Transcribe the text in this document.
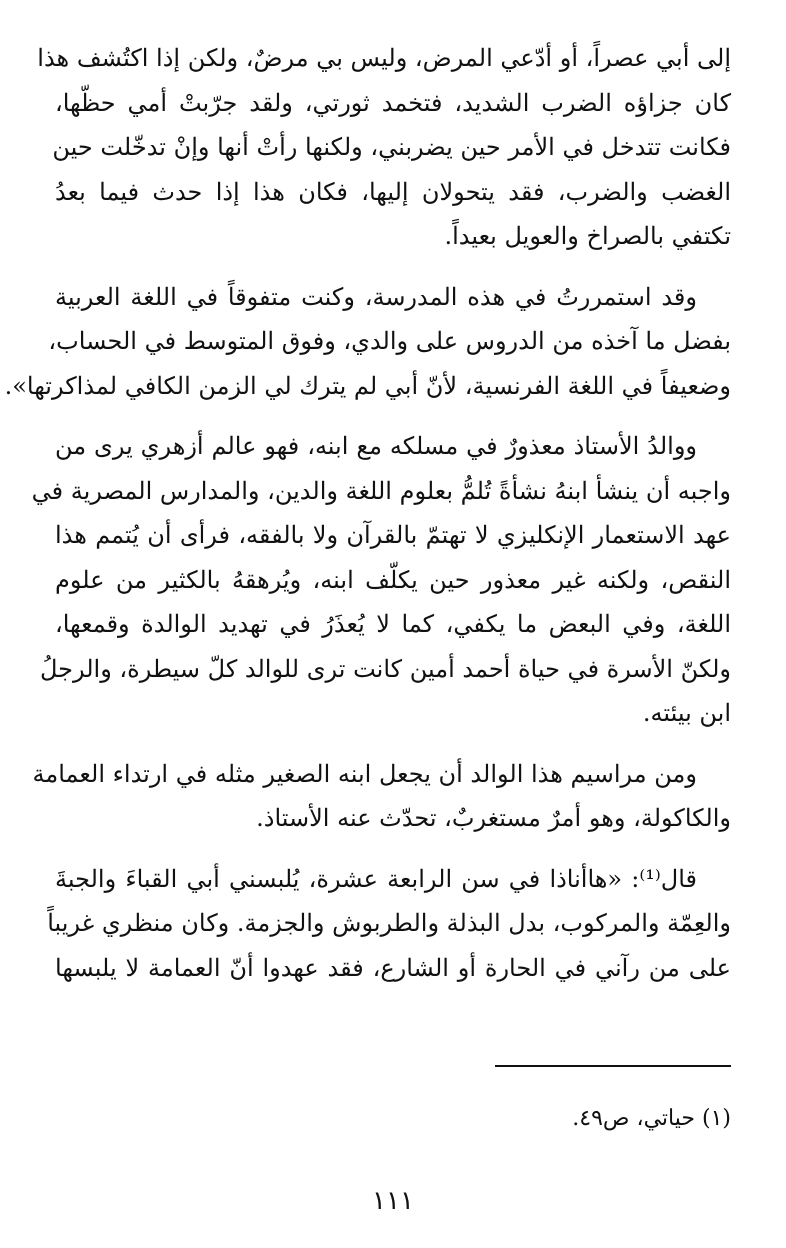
إلى أبي عصراً، أو أدّعي المرض، وليس بي مرضٌ، ولكن إذا اكتُشف هذا
كان جزاؤه الضرب الشديد، فتخمد ثورتي، ولقد جرّبتْ أمي حظّها،
فكانت تتدخل في الأمر حين يضربني، ولكنها رأتْ أنها وإنْ تدخّلت حين
الغضب والضرب، فقد يتحولان إليها، فكان هذا إذا حدث فيما بعدُ
تكتفي بالصراخ والعويل بعيداً.

وقد استمررتُ في هذه المدرسة، وكنت متفوقاً في اللغة العربية
بفضل ما آخذه من الدروس على والدي، وفوق المتوسط في الحساب،
وضعيفاً في اللغة الفرنسية، لأنّ أبي لم يترك لي الزمن الكافي لمذاكرتها».

ووالدُ الأستاذ معذورٌ في مسلكه مع ابنه، فهو عالم أزهري يرى من
واجبه أن ينشأ ابنهُ نشأةً تُلمُّ بعلوم اللغة والدين، والمدارس المصرية في
عهد الاستعمار الإنكليزي لا تهتمّ بالقرآن ولا بالفقه، فرأى أن يُتمم هذا
النقص، ولكنه غير معذور حين يكلّف ابنه، ويُرهقهُ بالكثير من علوم
اللغة، وفي البعض ما يكفي، كما لا يُعذَرُ في تهديد الوالدة وقمعها،
ولكنّ الأسرة في حياة أحمد أمين كانت ترى للوالد كلّ سيطرة، والرجلُ
ابن بيئته.

ومن مراسيم هذا الوالد أن يجعل ابنه الصغير مثله في ارتداء العمامة
والكاكولة، وهو أمرٌ مستغربٌ، تحدّث عنه الأستاذ.

قال⁽¹⁾: «هاأناذا في سن الرابعة عشرة، يُلبسني أبي القباءَ والجبةَ
والعِمّة والمركوب، بدل البذلة والطربوش والجزمة. وكان منظري غريباً
على من رآني في الحارة أو الشارع، فقد عهدوا أنّ العمامة لا يلبسها

(١) حياتي، ص٤٩.
١١١
